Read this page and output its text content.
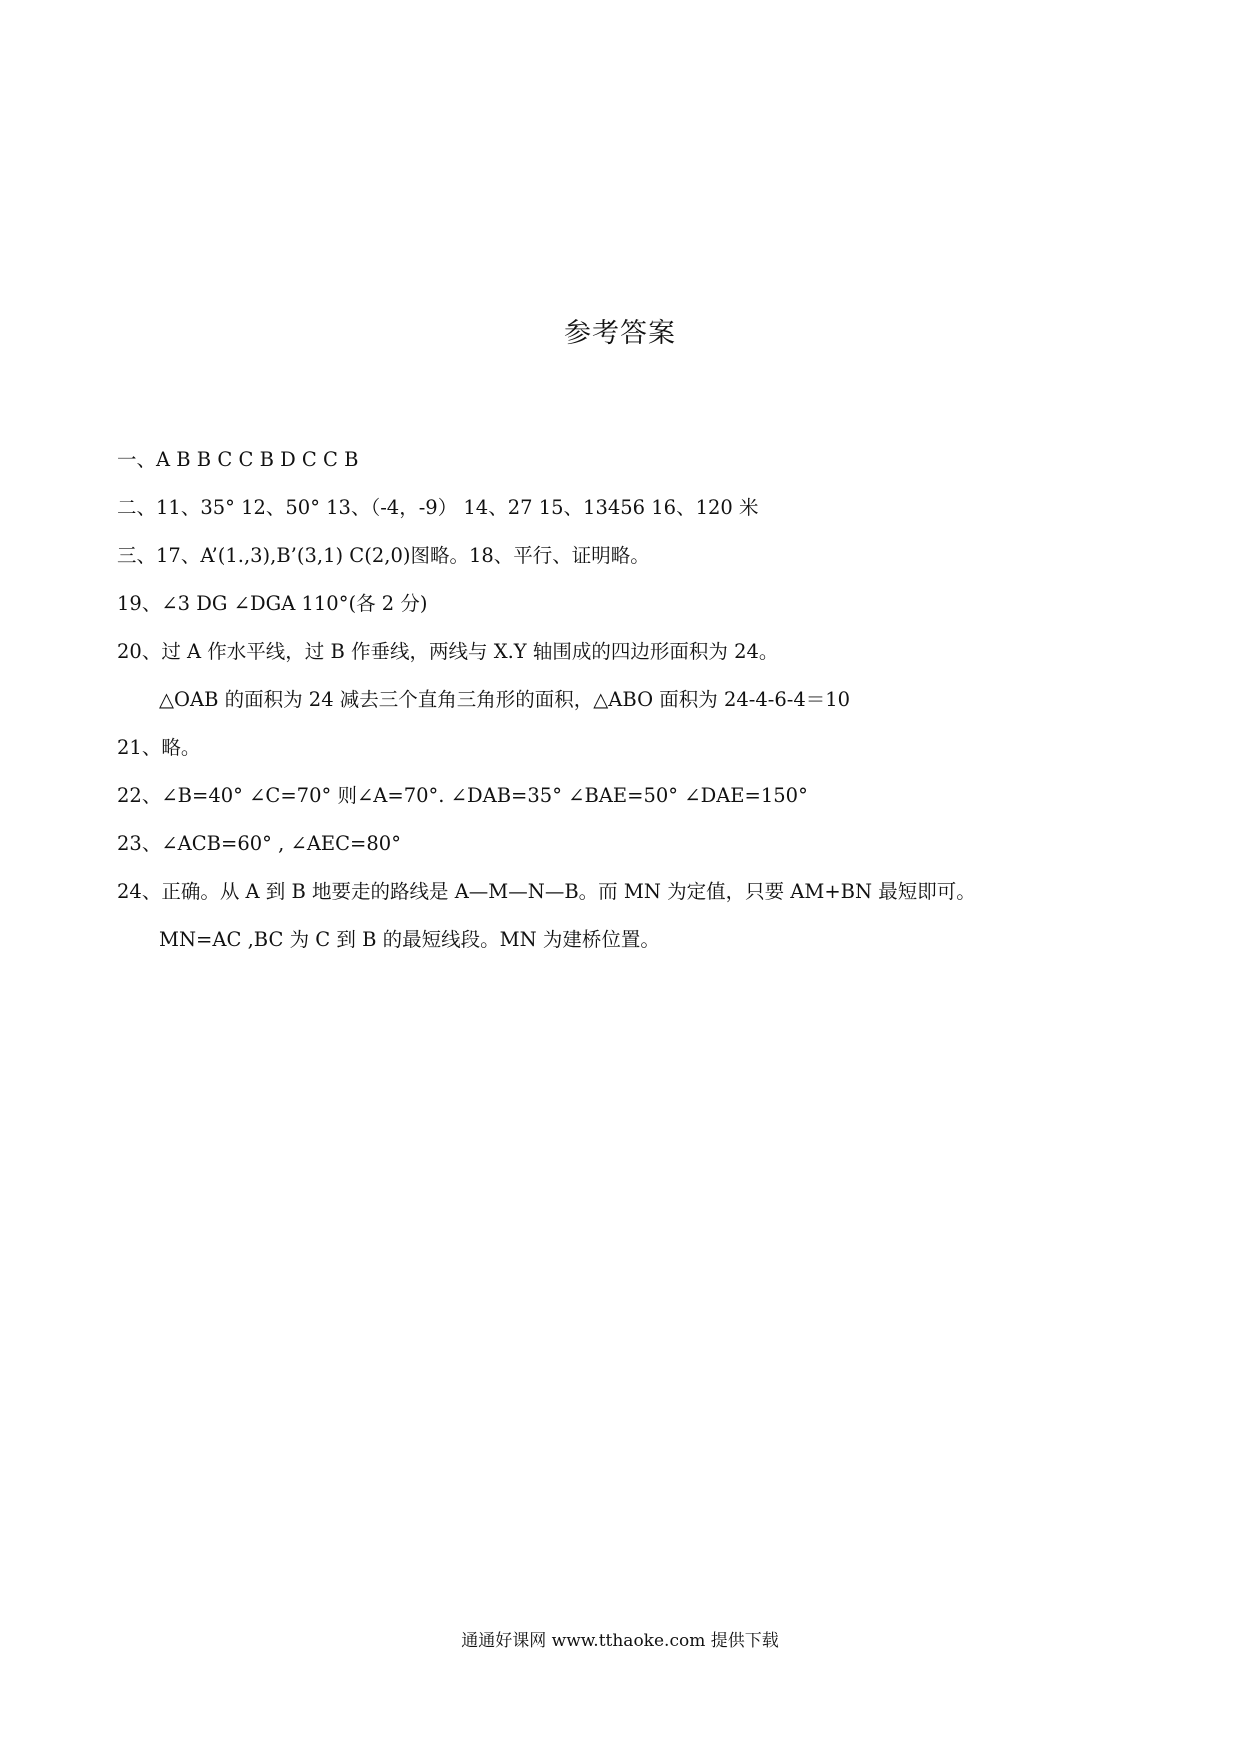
参考答案
一、A B B C C B D C C B
二、11、35° 12、50° 13、（-4，-9） 14、27 15、13456 16、120 米
三、17、A’(1.,3),B’(3,1) C(2,0)图略。18、平行、证明略。
19、∠3 DG ∠DGA 110°(各 2 分)
20、过 A 作水平线，过 B 作垂线，两线与 X.Y 轴围成的四边形面积为 24。
△OAB 的面积为 24 减去三个直角三角形的面积，△ABO 面积为 24-4-6-4＝10
21、略。
22、∠B=40° ∠C=70° 则∠A=70°. ∠DAB=35° ∠BAE=50° ∠DAE=150°
23、∠ACB=60° , ∠AEC=80°
24、正确。从 A 到 B 地要走的路线是 A—M—N—B。而 MN 为定值，只要 AM+BN 最短即可。
MN=AC ,BC 为 C 到 B 的最短线段。MN 为建桥位置。
通通好课网 www.tthaoke.com 提供下载
